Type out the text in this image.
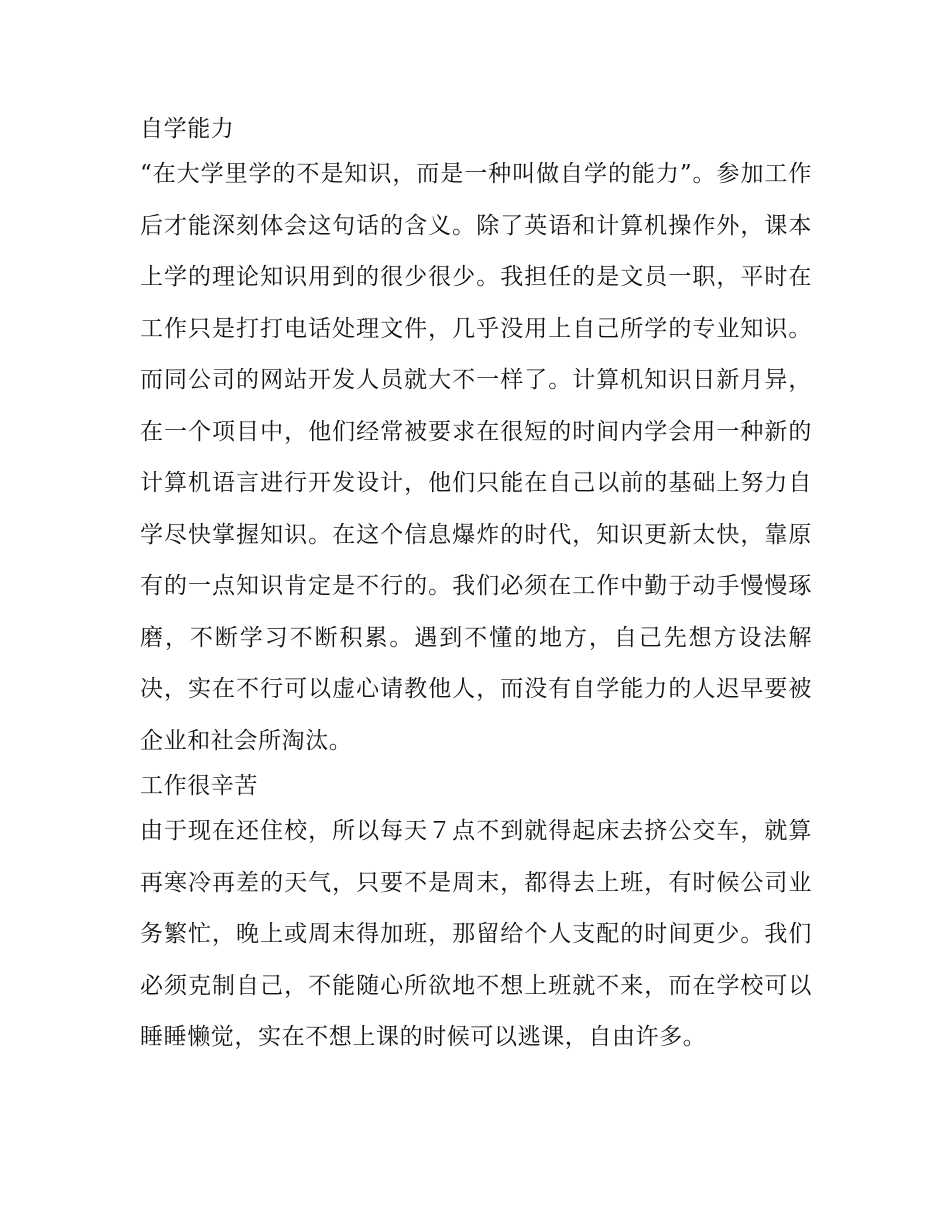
自学能力

“在大学里学的不是知识，而是一种叫做自学的能力”。参加工作后才能深刻体会这句话的含义。除了英语和计算机操作外，课本上学的理论知识用到的很少很少。我担任的是文员一职，平时在工作只是打打电话处理文件，几乎没用上自己所学的专业知识。而同公司的网站开发人员就大不一样了。计算机知识日新月异，在一个项目中，他们经常被要求在很短的时间内学会用一种新的计算机语言进行开发设计，他们只能在自己以前的基础上努力自学尽快掌握知识。在这个信息爆炸的时代，知识更新太快，靠原有的一点知识肯定是不行的。我们必须在工作中勤于动手慢慢琢磨，不断学习不断积累。遇到不懂的地方，自己先想方设法解决，实在不行可以虚心请教他人，而没有自学能力的人迟早要被企业和社会所淘汰。

工作很辛苦

由于现在还住校，所以每天７点不到就得起床去挤公交车，就算再寒冷再差的天气，只要不是周末，都得去上班，有时候公司业务繁忙，晚上或周末得加班，那留给个人支配的时间更少。我们必须克制自己，不能随心所欲地不想上班就不来，而在学校可以睡睡懒觉，实在不想上课的时候可以逃课，自由许多。
